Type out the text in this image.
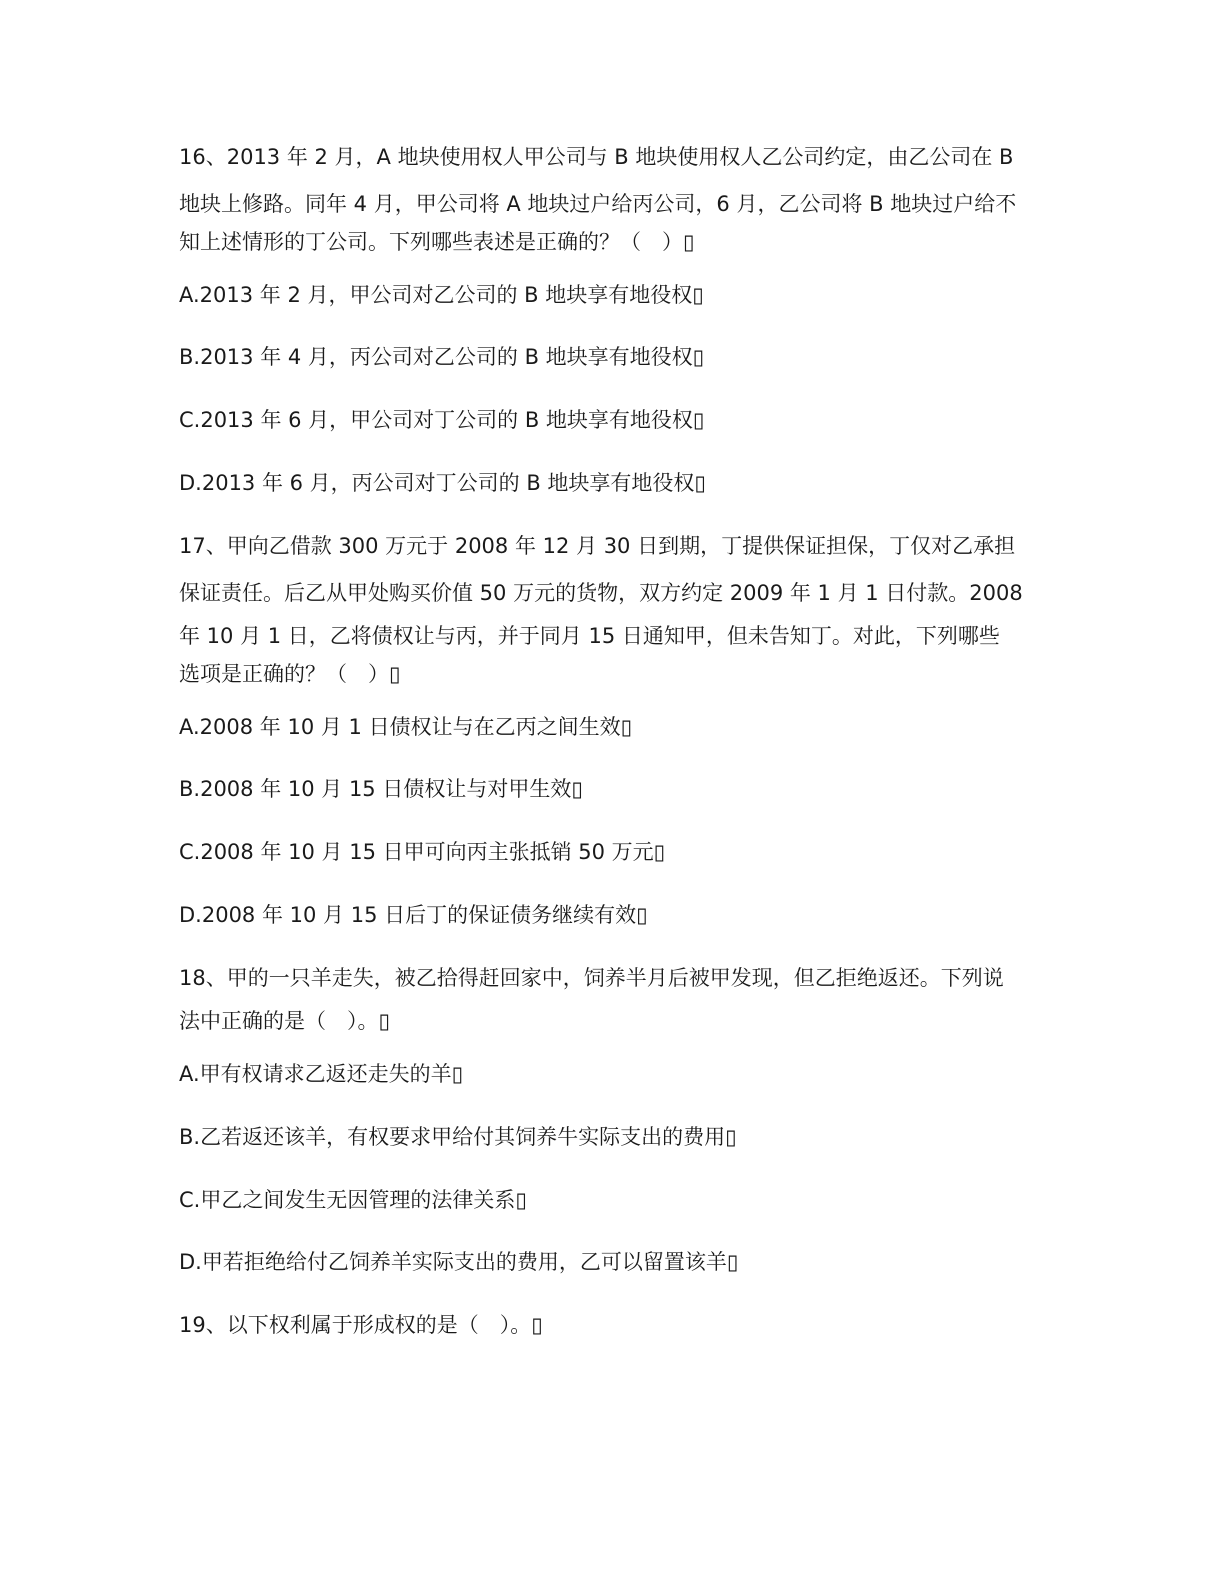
16、2013 年 2 月，A 地块使用权人甲公司与 B 地块使用权人乙公司约定，由乙公司在 B
地块上修路。同年 4 月，甲公司将 A 地块过户给丙公司，6 月，乙公司将 B 地块过户给不
知上述情形的丁公司。下列哪些表述是正确的？（　）▯
A.2013 年 2 月，甲公司对乙公司的 B 地块享有地役权▯
B.2013 年 4 月，丙公司对乙公司的 B 地块享有地役权▯
C.2013 年 6 月，甲公司对丁公司的 B 地块享有地役权▯
D.2013 年 6 月，丙公司对丁公司的 B 地块享有地役权▯
17、甲向乙借款 300 万元于 2008 年 12 月 30 日到期，丁提供保证担保，丁仅对乙承担
保证责任。后乙从甲处购买价值 50 万元的货物，双方约定 2009 年 1 月 1 日付款。2008
年 10 月 1 日，乙将债权让与丙，并于同月 15 日通知甲，但未告知丁。对此，下列哪些
选项是正确的？（　）▯
A.2008 年 10 月 1 日债权让与在乙丙之间生效▯
B.2008 年 10 月 15 日债权让与对甲生效▯
C.2008 年 10 月 15 日甲可向丙主张抵销 50 万元▯
D.2008 年 10 月 15 日后丁的保证债务继续有效▯
18、甲的一只羊走失，被乙拾得赶回家中，饲养半月后被甲发现，但乙拒绝返还。下列说
法中正确的是（　）。▯
A.甲有权请求乙返还走失的羊▯
B.乙若返还该羊，有权要求甲给付其饲养牛实际支出的费用▯
C.甲乙之间发生无因管理的法律关系▯
D.甲若拒绝给付乙饲养羊实际支出的费用，乙可以留置该羊▯
19、以下权利属于形成权的是（　）。▯
